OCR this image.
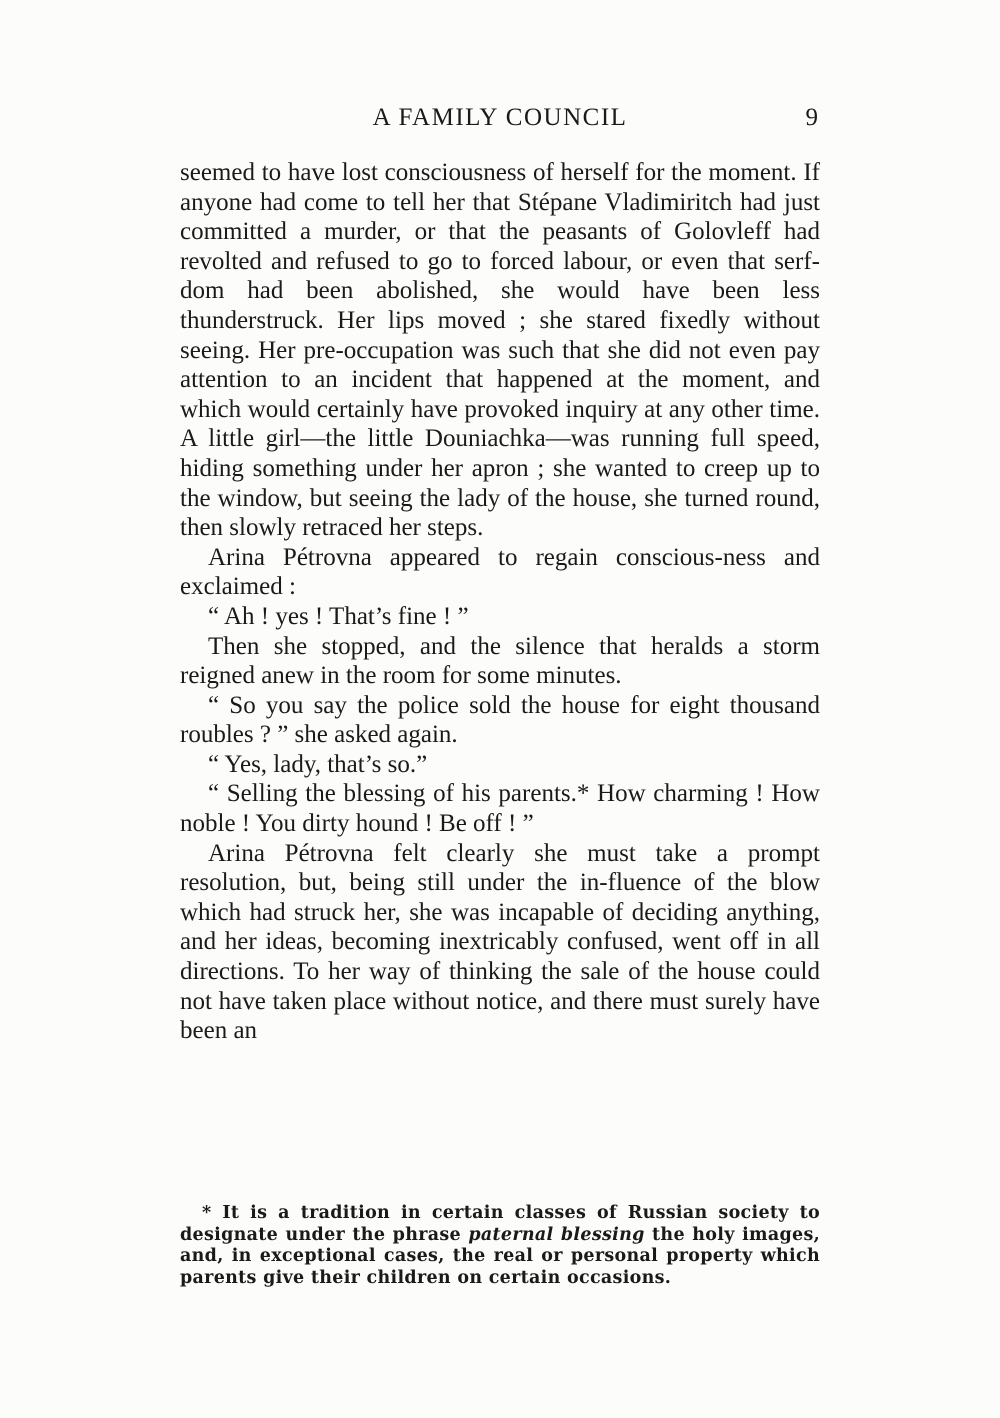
A FAMILY COUNCIL	9

seemed to have lost consciousness of herself for the moment. If anyone had come to tell her that Stépane Vladimiritch had just committed a murder, or that the peasants of Golovleff had revolted and refused to go to forced labour, or even that serf-dom had been abolished, she would have been less thunderstruck. Her lips moved ; she stared fixedly without seeing. Her pre-occupation was such that she did not even pay attention to an incident that happened at the moment, and which would certainly have provoked inquiry at any other time. A little girl—the little Douniachka—was running full speed, hiding something under her apron ; she wanted to creep up to the window, but seeing the lady of the house, she turned round, then slowly retraced her steps.

Arina Pétrovna appeared to regain conscious-ness and exclaimed :

“ Ah ! yes ! That’s fine ! ”

Then she stopped, and the silence that heralds a storm reigned anew in the room for some minutes.

“ So you say the police sold the house for eight thousand roubles ? ” she asked again.

“ Yes, lady, that’s so.”

“ Selling the blessing of his parents.* How charming ! How noble ! You dirty hound ! Be off ! ”

Arina Pétrovna felt clearly she must take a prompt resolution, but, being still under the in-fluence of the blow which had struck her, she was incapable of deciding anything, and her ideas, becoming inextricably confused, went off in all directions. To her way of thinking the sale of the house could not have taken place without notice, and there must surely have been an

* It is a tradition in certain classes of Russian society to designate under the phrase paternal blessing the holy images, and, in exceptional cases, the real or personal property which parents give their children on certain occasions.
